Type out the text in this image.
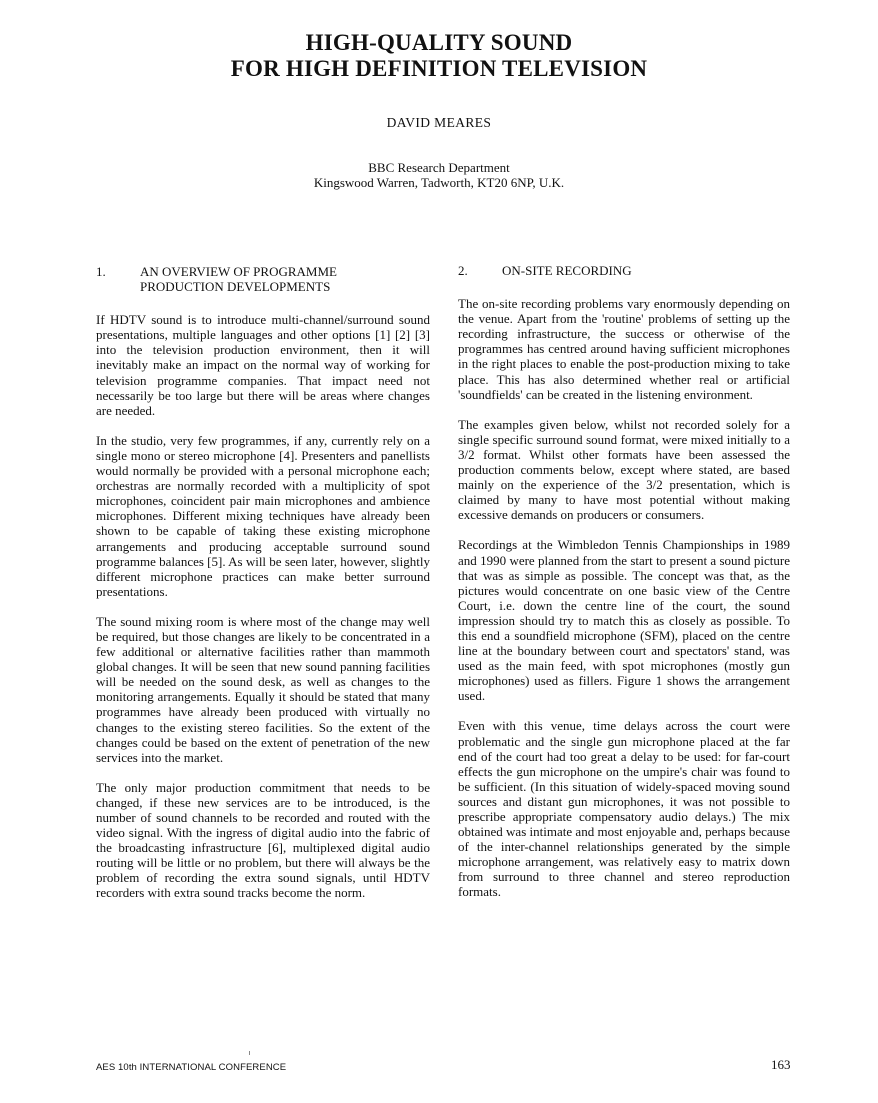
HIGH-QUALITY SOUND
FOR HIGH DEFINITION TELEVISION
DAVID MEARES
BBC Research Department
Kingswood Warren, Tadworth, KT20 6NP, U.K.
1.	AN OVERVIEW OF PROGRAMME
PRODUCTION DEVELOPMENTS

If HDTV sound is to introduce multi-channel/surround sound presentations, multiple languages and other options [1] [2] [3] into the television production environment, then it will inevitably make an impact on the normal way of working for television programme companies. That impact need not necessarily be too large but there will be areas where changes are needed.

In the studio, very few programmes, if any, currently rely on a single mono or stereo microphone [4]. Presenters and panellists would normally be provided with a personal microphone each; orchestras are normally recorded with a multiplicity of spot microphones, coincident pair main microphones and ambience microphones. Different mixing techniques have already been shown to be capable of taking these existing microphone arrangements and producing acceptable surround sound programme balances [5]. As will be seen later, however, slightly different microphone practices can make better surround presentations.

The sound mixing room is where most of the change may well be required, but those changes are likely to be concentrated in a few additional or alternative facilities rather than mammoth global changes. It will be seen that new sound panning facilities will be needed on the sound desk, as well as changes to the monitoring arrangements. Equally it should be stated that many programmes have already been produced with virtually no changes to the existing stereo facilities. So the extent of the changes could be based on the extent of penetration of the new services into the market.

The only major production commitment that needs to be changed, if these new services are to be introduced, is the number of sound channels to be recorded and routed with the video signal. With the ingress of digital audio into the fabric of the broadcasting infrastructure [6], multiplexed digital audio routing will be little or no problem, but there will always be the problem of recording the extra sound signals, until HDTV recorders with extra sound tracks become the norm.

2.	ON-SITE RECORDING

The on-site recording problems vary enormously depending on the venue. Apart from the 'routine' problems of setting up the recording infrastructure, the success or otherwise of the programmes has centred around having sufficient microphones in the right places to enable the post-production mixing to take place. This has also determined whether real or artificial 'soundfields' can be created in the listening environment.

The examples given below, whilst not recorded solely for a single specific surround sound format, were mixed initially to a 3/2 format. Whilst other formats have been assessed the production comments below, except where stated, are based mainly on the experience of the 3/2 presentation, which is claimed by many to have most potential without making excessive demands on producers or consumers.

Recordings at the Wimbledon Tennis Championships in 1989 and 1990 were planned from the start to present a sound picture that was as simple as possible. The concept was that, as the pictures would concentrate on one basic view of the Centre Court, i.e. down the centre line of the court, the sound impression should try to match this as closely as possible. To this end a soundfield microphone (SFM), placed on the centre line at the boundary between court and spectators' stand, was used as the main feed, with spot microphones (mostly gun microphones) used as fillers. Figure 1 shows the arrangement used.

Even with this venue, time delays across the court were problematic and the single gun microphone placed at the far end of the court had too great a delay to be used: for far-court effects the gun microphone on the umpire's chair was found to be sufficient. (In this situation of widely-spaced moving sound sources and distant gun microphones, it was not possible to prescribe appropriate compensatory audio delays.) The mix obtained was intimate and most enjoyable and, perhaps because of the inter-channel relationships generated by the simple microphone arrangement, was relatively easy to matrix down from surround to three channel and stereo reproduction formats.

AES 10th INTERNATIONAL CONFERENCE	163
